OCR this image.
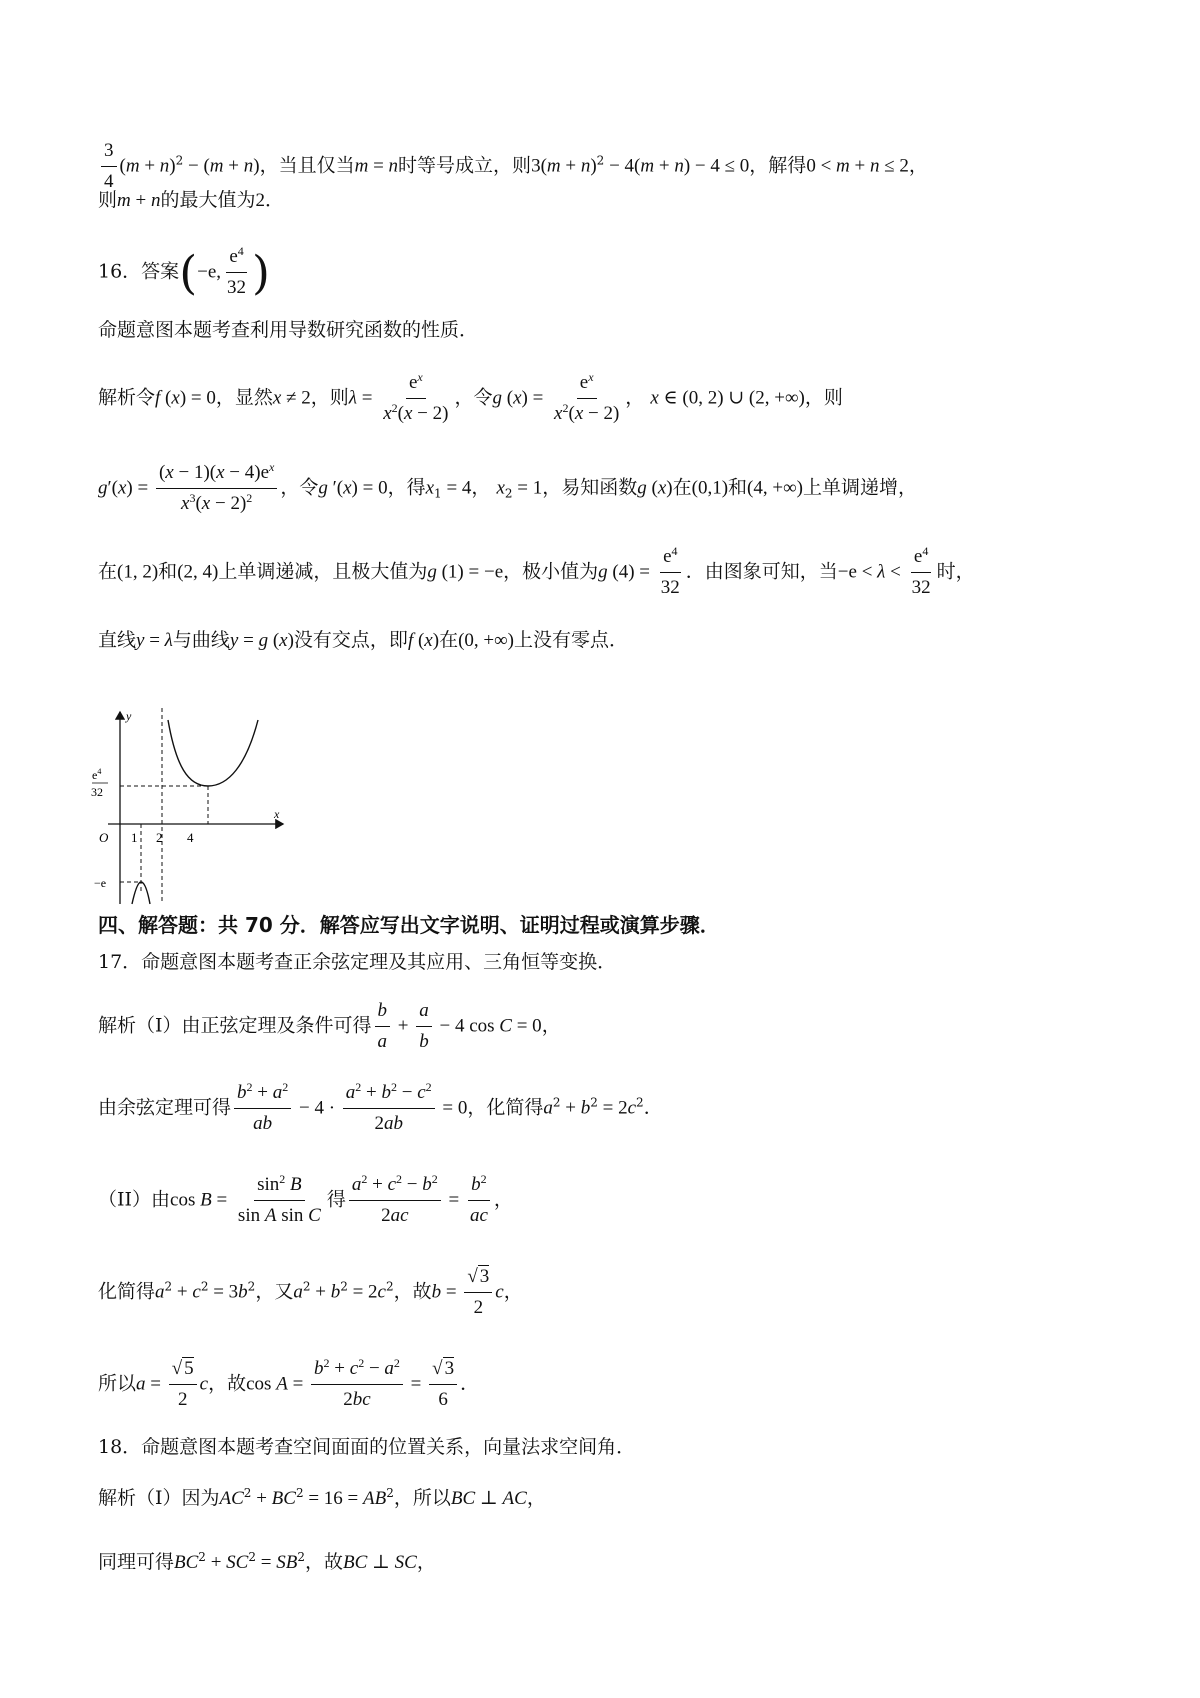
$\frac{3}{4} (m + n)^2 - (m + n)$，当且仅当m = n时等号成立，则$3(m + n)^2 - 4(m + n) - 4 \le 0$，解得0 < m + n ≤ 2，
则m + n的最大值为2．
16．答案(−e, $\frac{e^4}{32}$ )
命题意图本题考查利用导数研究函数的性质．
解析令f (x) = 0，显然x ≠ 2，则$\lambda = \frac{e^x}{x^2(x - 2)}$ ，令g $(x) = \frac{e^x}{x^2(x - 2)}$ ， x ∈ (0, 2) ∪ (2, +∞)，则
$g'(x) = \frac{(x - 1)(x - 4)e^x}{x^3(x - 2)^2}$ ，令g ′(x) = 0，得$x_1 = 4$， $x_2 = 1$，易知函数g (x)在(0,1)和(4, +∞)上单调递增，
在(1, 2)和(2, 4)上单调递减，且极大值为g (1) = −e，极小值为g $(4) = \frac{e^4}{32}$ ．由图象可知，当$-e < \lambda < \frac{e^4}{32}$ 时，
直线y = λ与曲线y = g (x)没有交点，即f (x)在(0, +∞)上没有零点．
y
x
O 1 2 4
$e^4$
32
−e
四、解答题：共 70 分．解答应写出文字说明、证明过程或演算步骤．
17．命题意图本题考查正余弦定理及其应用、三角恒等变换．
解析（I）由正弦定理及条件可得 $\frac{b}{a} + \frac{a}{b} - 4$ cos C = 0，
由余弦定理可得 $\frac{b^2 + a^2}{ab} - 4 \cdot \frac{a^2 + b^2 - c^2}{2ab} = 0$，化简得$a^2 + b^2 = 2c^2$．
（II）由$\cos B = \frac{\sin^2 B}{\text{sin A sin C}}$ 得 $\frac{a^2 + c^2 - b^2}{2ac} = \frac{b^2}{ac}$ ，
化简得$a^2 + c^2 = 3b^2$，又$a^2 + b^2 = 2c^2$，故$b = \frac{√ 3}{2}$ c，
所以$a = \frac{√ 5}{2}$ c，故$\cos A = \frac{b^2 + c^2 - a^2}{2bc} = \frac{√ 3}{6}$ ．
18．命题意图本题考查空间面面的位置关系，向量法求空间角．
解析（I）因为$AC^2 + BC^2 = 16 = AB^2$，所以BC ⊥ AC，
同理可得$BC^2 + SC^2 = SB^2$，故BC ⊥ SC，
